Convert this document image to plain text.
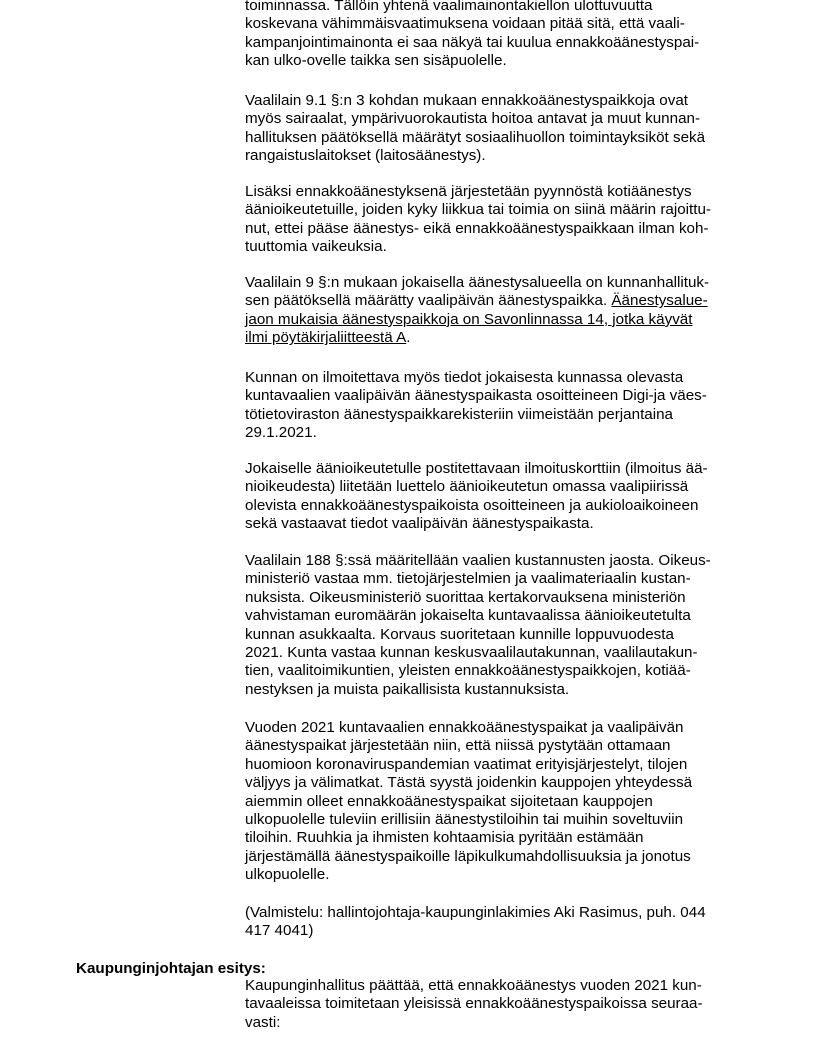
toiminnassa. Tällöin yhtenä vaalimainontakiellon ulottuvuutta
koskevana vähimmäisvaatimuksena voidaan pitää sitä, että vaali-
kampanjointimainonta ei saa näkyä tai kuulua ennakkoäänestyspai-
kan ulko-ovelle taikka sen sisäpuolelle.
Vaalilain 9.1 §:n 3 kohdan mukaan ennakkoäänestyspaikkoja ovat
myös sairaalat, ympärivuorokautista hoitoa antavat ja muut kunnan-
hallituksen päätöksellä määrätyt sosiaalihuollon toimintayksiköt sekä
rangaistuslaitokset (laitosäänestys).
Lisäksi ennakkoäänestyksenä järjestetään pyynnöstä kotiäänestys
äänioikeutetuille, joiden kyky liikkua tai toimia on siinä määrin rajoittu-
nut, ettei pääse äänestys- eikä ennakkoäänestyspaikkaan ilman koh-
tuuttomia vaikeuksia.
Vaalilain 9 §:n mukaan jokaisella äänestysalueella on kunnanhallituk-
sen päätöksellä määrätty vaalipäivän äänestyspaikka. Äänestysalue-
jaon mukaisia äänestyspaikkoja on Savonlinnassa 14, jotka käyvät
ilmi pöytäkirjaliitteestä A.
Kunnan on ilmoitettava myös tiedot jokaisesta kunnassa olevasta
kuntavaalien vaalipäivän äänestyspaikasta osoitteineen Digi-ja väes-
tötietoviraston äänestyspaikkarekisteriin viimeistään perjantaina
29.1.2021.
Jokaiselle äänioikeutetulle postitettavaan ilmoituskorttiin (ilmoitus ää-
nioikeudesta) liitetään luettelo äänioikeutetun omassa vaalipiirissä
olevista ennakkoäänestyspaikoista osoitteineen ja aukioloaikoineen
sekä vastaavat tiedot vaalipäivän äänestyspaikasta.
Vaalilain 188 §:ssä määritellään vaalien kustannusten jaosta. Oikeus-
ministeriö vastaa mm. tietojärjestelmien ja vaalimateriaalin kustan-
nuksista. Oikeusministeriö suorittaa kertakorvauksena ministeriön
vahvistaman euromäärän jokaiselta kuntavaalissa äänioikeutetulta
kunnan asukkaalta. Korvaus suoritetaan kunnille loppuvuodesta
2021. Kunta vastaa kunnan keskusvaalilautakunnan, vaalilautakun-
tien, vaalitoimikuntien, yleisten ennakkoäänestyspaikkojen, kotiää-
nestyksen ja muista paikallisista kustannuksista.
Vuoden 2021 kuntavaalien ennakkoäänestyspaikat ja vaalipäivän
äänestyspaikat järjestetään niin, että niissä pystytään ottamaan
huomioon koronaviruspandemian vaatimat erityisjärjestelyt, tilojen
väljyys ja välimatkat. Tästä syystä joidenkin kauppojen yhteydessä
aiemmin olleet ennakkoäänestyspaikat sijoitetaan kauppojen
ulkopuolelle tuleviin erillisiin äänestystiloihin tai muihin soveltuviin
tiloihin. Ruuhkia ja ihmisten kohtaamisia pyritään estämään
järjestämällä äänestyspaikoille läpikulkumahdollisuuksia ja jonotus
ulkopuolelle.
(Valmistelu: hallintojohtaja-kaupunginlakimies Aki Rasimus, puh. 044
417 4041)
Kaupunginjohtajan esitys:
Kaupunginhallitus päättää, että ennakkoäänestys vuoden 2021 kun-
tavaaleissa toimitetaan yleisissä ennakkoäänestyspaikoissa seuraa-
vasti:
